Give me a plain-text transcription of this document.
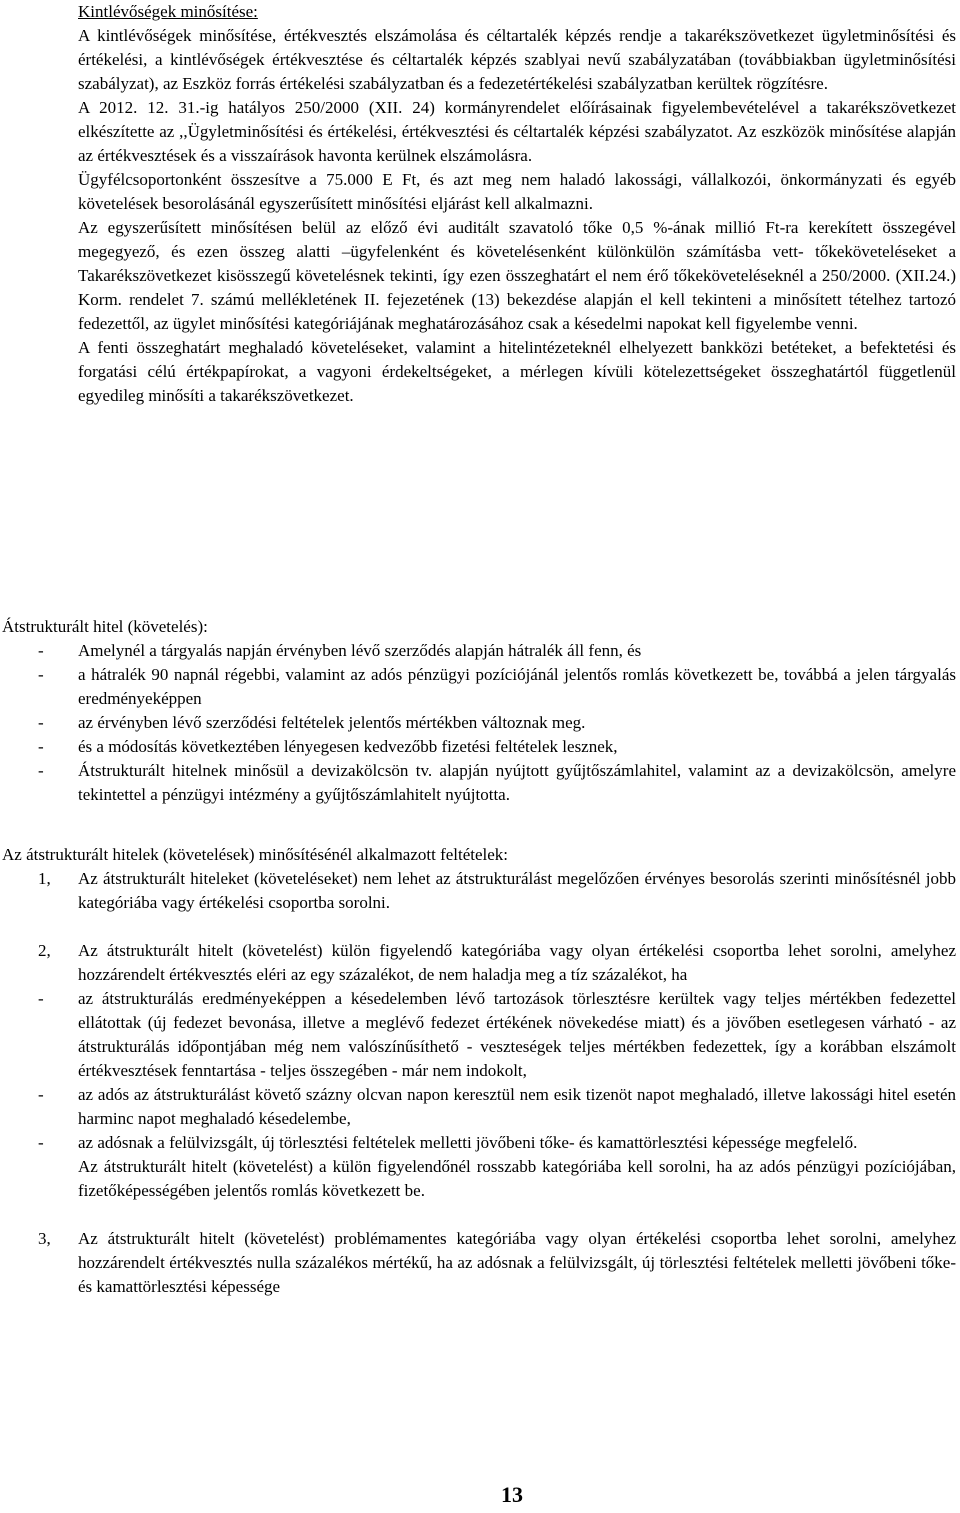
Kintlévőségek minősítése:

A kintlévőségek minősítése, értékvesztés elszámolása és céltartalék képzés rendje a takarékszövetkezet ügyletminősítési és értékelési, a kintlévőségek értékvesztése és céltartalék képzés szablyai nevű szabályzatában (továbbiakban ügyletminősítési szabályzat), az Eszköz forrás értékelési szabályzatban és a fedezetértékelési szabályzatban kerültek rögzítésre.

A 2012. 12. 31.-ig hatályos 250/2000 (XII. 24) kormányrendelet előírásainak figyelembevételével a takarékszövetkezet elkészítette az ,,Ügyletminősítési és értékelési, értékvesztési és céltartalék képzési szabályzatot. Az eszközök minősítése alapján az értékvesztések és a visszaírások havonta kerülnek elszámolásra.

Ügyfélcsoportonként összesítve a 75.000 E Ft, és azt meg nem haladó lakossági, vállalkozói, önkormányzati és egyéb követelések besorolásánál egyszerűsített minősítési eljárást kell alkalmazni.

Az egyszerűsített minősítésen belül az előző évi auditált szavatoló tőke 0,5 %-ának millió Ft-ra kerekített összegével megegyező, és ezen összeg alatti –ügyfelenként és követelésenként különkülön számításba vett- tőkeköveteléseket a Takarékszövetkezet kisösszegű követelésnek tekinti, így ezen összeghatárt el nem érő tőkeköveteléseknél a 250/2000. (XII.24.) Korm. rendelet 7. számú mellékletének II. fejezetének (13) bekezdése alapján el kell tekinteni a minősített tételhez tartozó fedezettől, az ügylet minősítési kategóriájának meghatározásához csak a késedelmi napokat kell figyelembe venni.

A fenti összeghatárt meghaladó követeléseket, valamint a hitelintézeteknél elhelyezett bankközi betéteket, a befektetési és forgatási célú értékpapírokat, a vagyoni érdekeltségeket, a mérlegen kívüli kötelezettségeket összeghatártól függetlenül egyedileg minősíti a takarékszövetkezet.

Átstrukturált hitel (követelés):

- Amelynél a tárgyalás napján érvényben lévő szerződés alapján hátralék áll fenn, és
- a hátralék 90 napnál régebbi, valamint az adós pénzügyi pozíciójánál jelentős romlás következett be, továbbá a jelen tárgyalás eredményeképpen
- az érvényben lévő szerződési feltételek jelentős mértékben változnak meg.
- és a módosítás következtében lényegesen kedvezőbb fizetési feltételek lesznek,
- Átstrukturált hitelnek minősül a devizakölcsön tv. alapján nyújtott gyűjtőszámlahitel, valamint az a devizakölcsön, amelyre tekintettel a pénzügyi intézmény a gyűjtőszámlahitelt nyújtotta.

Az átstrukturált hitelek (követelések) minősítésénél alkalmazott feltételek:

1, Az átstrukturált hiteleket (követeléseket) nem lehet az átstrukturálást megelőzően érvényes besorolás szerinti minősítésnél jobb kategóriába vagy értékelési csoportba sorolni.
2, Az átstrukturált hitelt (követelést) külön figyelendő kategóriába vagy olyan értékelési csoportba lehet sorolni, amelyhez hozzárendelt értékvesztés eléri az egy százalékot, de nem haladja meg a tíz százalékot, ha
- az átstrukturálás eredményeképpen a késedelemben lévő tartozások törlesztésre kerültek vagy teljes mértékben fedezettel ellátottak (új fedezet bevonása, illetve a meglévő fedezet értékének növekedése miatt) és a jövőben esetlegesen várható - az átstrukturálás időpontjában még nem valószínűsíthető - veszteségek teljes mértékben fedezettek, így a korábban elszámolt értékvesztések fenntartása - teljes összegében - már nem indokolt,
- az adós az átstrukturálást követő százny olcvan napon keresztül nem esik tizenöt napot meghaladó, illetve lakossági hitel esetén harminc napot meghaladó késedelembe,
- az adósnak a felülvizsgált, új törlesztési feltételek melletti jövőbeni tőke- és kamattörlesztési képessége megfelelő.

Az átstrukturált hitelt (követelést) a külön figyelendőnél rosszabb kategóriába kell sorolni, ha az adós pénzügyi pozíciójában, fizetőképességében jelentős romlás következett be.

3, Az átstrukturált hitelt (követelést) problémamentes kategóriába vagy olyan értékelési csoportba lehet sorolni, amelyhez hozzárendelt értékvesztés nulla százalékos mértékű, ha az adósnak a felülvizsgált, új törlesztési feltételek melletti jövőbeni tőke- és kamattörlesztési képessége
13
